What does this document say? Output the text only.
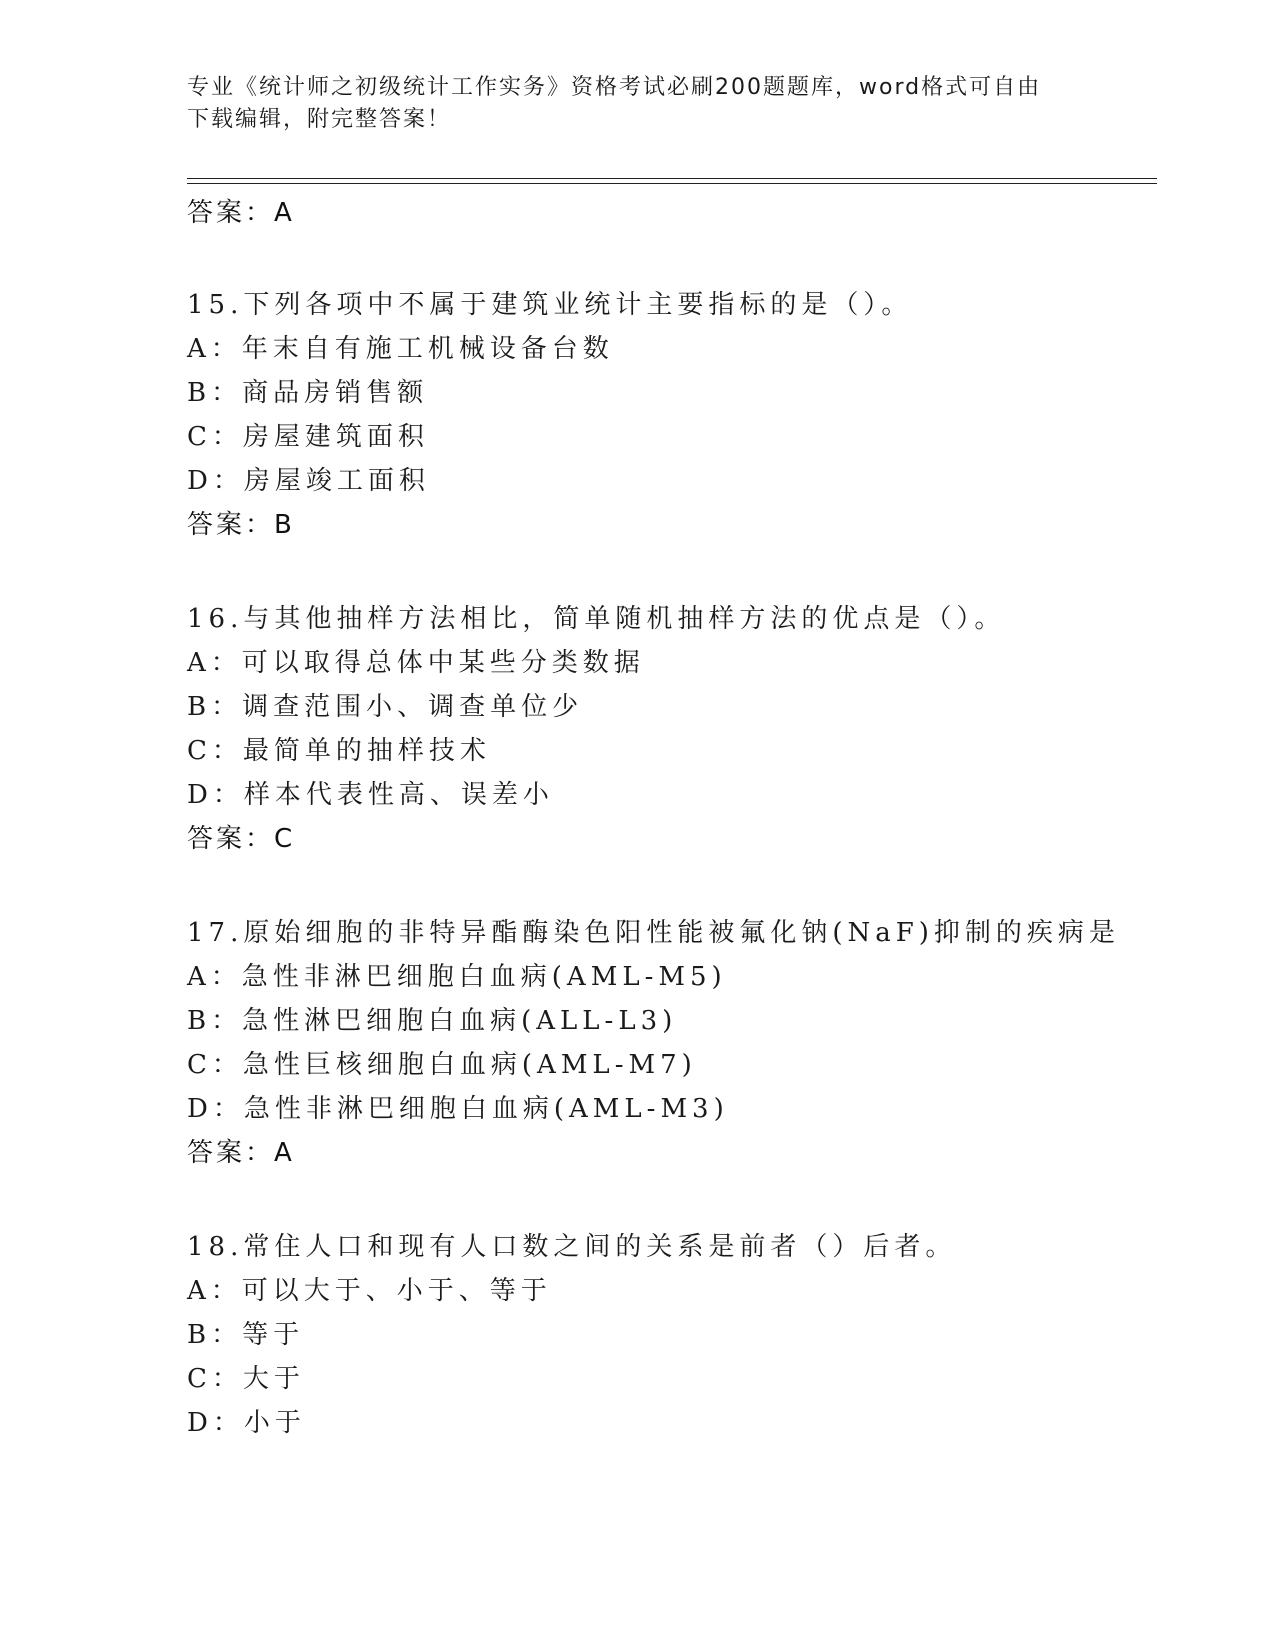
专业《统计师之初级统计工作实务》资格考试必刷200题题库，word格式可自由
下载编辑，附完整答案！
答案：A
15.下列各项中不属于建筑业统计主要指标的是（）。
A：年末自有施工机械设备台数
B：商品房销售额
C：房屋建筑面积
D：房屋竣工面积
答案：B
16.与其他抽样方法相比，简单随机抽样方法的优点是（）。
A：可以取得总体中某些分类数据
B：调查范围小、调查单位少
C：最简单的抽样技术
D：样本代表性高、误差小
答案：C
17.原始细胞的非特异酯酶染色阳性能被氟化钠(NaF)抑制的疾病是
A：急性非淋巴细胞白血病(AML-M5)
B：急性淋巴细胞白血病(ALL-L3)
C：急性巨核细胞白血病(AML-M7)
D：急性非淋巴细胞白血病(AML-M3)
答案：A
18.常住人口和现有人口数之间的关系是前者（）后者。
A：可以大于、小于、等于
B：等于
C：大于
D：小于
